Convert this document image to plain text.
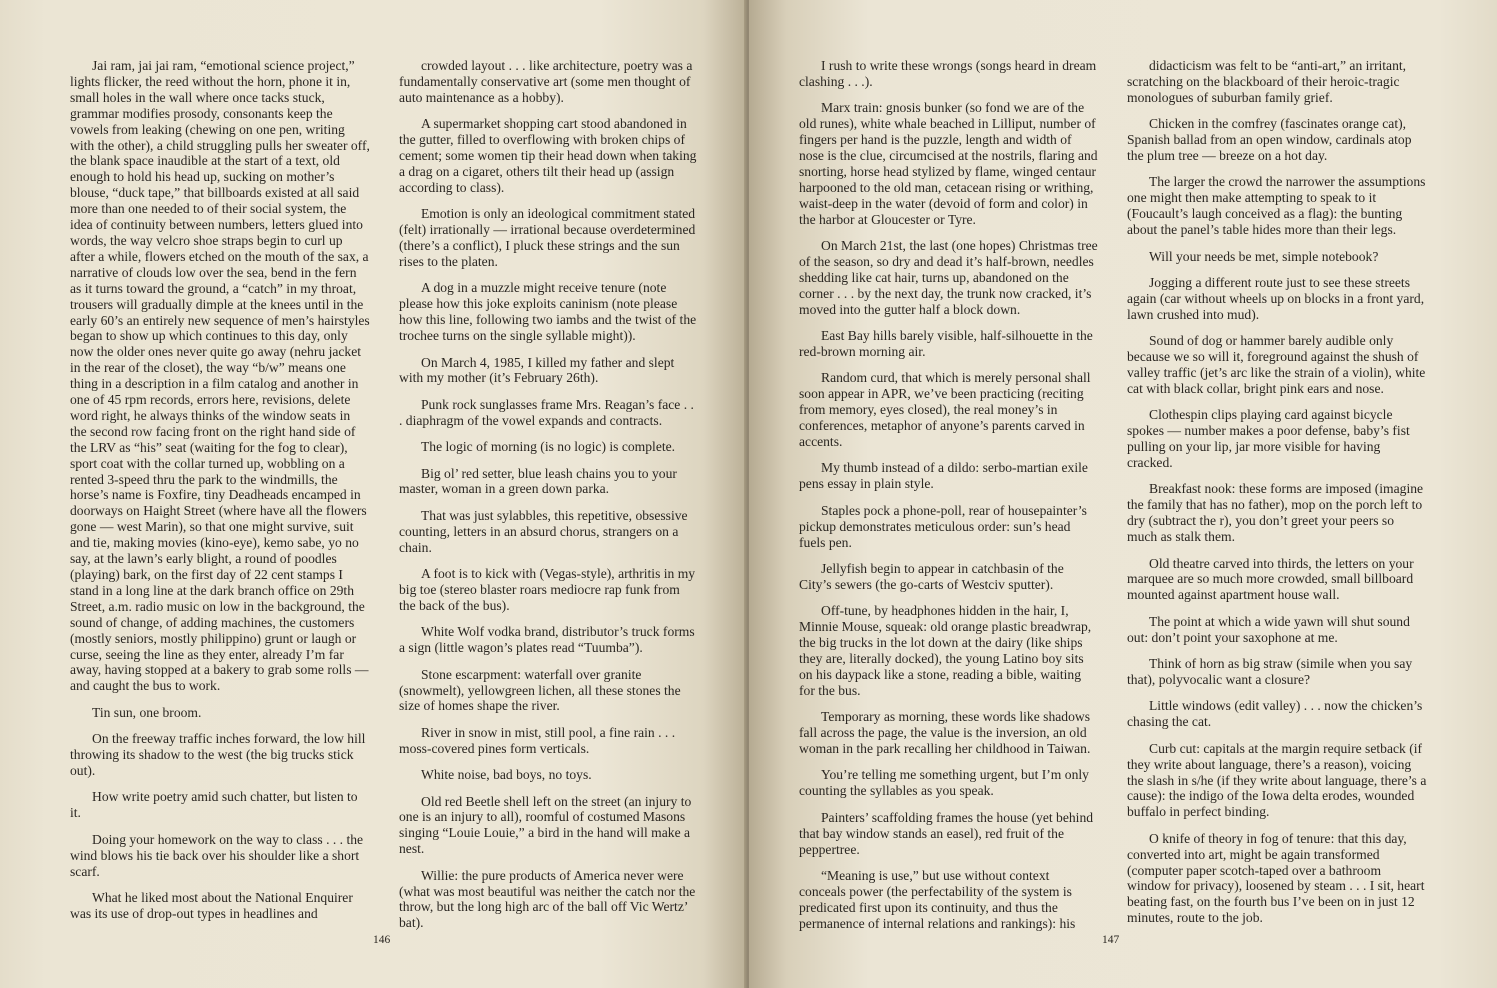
Jai ram, jai jai ram, “emotional science project,” lights flicker, the reed without the horn, phone it in, small holes in the wall where once tacks stuck, grammar modifies prosody, consonants keep the vowels from leaking (chewing on one pen, writing with the other), a child struggling pulls her sweater off, the blank space inaudible at the start of a text, old enough to hold his head up, sucking on mother’s blouse, “duck tape,” that billboards existed at all said more than one needed to of their social system, the idea of continuity between numbers, letters glued into words, the way velcro shoe straps begin to curl up after a while, flowers etched on the mouth of the sax, a narrative of clouds low over the sea, bend in the fern as it turns toward the ground, a “catch” in my throat, trousers will gradually dimple at the knees until in the early 60’s an entirely new sequence of men’s hairstyles began to show up which continues to this day, only now the older ones never quite go away (nehru jacket in the rear of the closet), the way “b/w” means one thing in a description in a film catalog and another in one of 45 rpm records, errors here, revisions, delete word right, he always thinks of the window seats in the second row facing front on the right hand side of the LRV as “his” seat (waiting for the fog to clear), sport coat with the collar turned up, wobbling on a rented 3-speed thru the park to the windmills, the horse’s name is Foxfire, tiny Deadheads encamped in doorways on Haight Street (where have all the flowers gone — west Marin), so that one might survive, suit and tie, making movies (kino-eye), kemo sabe, yo no say, at the lawn’s early blight, a round of poodles (playing) bark, on the first day of 22 cent stamps I stand in a long line at the dark branch office on 29th Street, a.m. radio music on low in the background, the sound of change, of adding machines, the customers (mostly seniors, mostly philippino) grunt or laugh or curse, seeing the line as they enter, already I’m far away, having stopped at a bakery to grab some rolls — and caught the bus to work.

Tin sun, one broom.

On the freeway traffic inches forward, the low hill throwing its shadow to the west (the big trucks stick out).

How write poetry amid such chatter, but listen to it.

Doing your homework on the way to class . . . the wind blows his tie back over his shoulder like a short scarf.

What he liked most about the National Enquirer was its use of drop-out types in headlines and

crowded layout . . . like architecture, poetry was a fundamentally conservative art (some men thought of auto maintenance as a hobby).

A supermarket shopping cart stood abandoned in the gutter, filled to overflowing with broken chips of cement; some women tip their head down when taking a drag on a cigaret, others tilt their head up (assign according to class).

Emotion is only an ideological commitment stated (felt) irrationally — irrational because overdetermined (there’s a conflict), I pluck these strings and the sun rises to the platen.

A dog in a muzzle might receive tenure (note please how this joke exploits caninism (note please how this line, following two iambs and the twist of the trochee turns on the single syllable might)).

On March 4, 1985, I killed my father and slept with my mother (it’s February 26th).

Punk rock sunglasses frame Mrs. Reagan’s face . . . diaphragm of the vowel expands and contracts.

The logic of morning (is no logic) is complete.

Big ol’ red setter, blue leash chains you to your master, woman in a green down parka.

That was just sylabbles, this repetitive, obsessive counting, letters in an absurd chorus, strangers on a chain.

A foot is to kick with (Vegas-style), arthritis in my big toe (stereo blaster roars mediocre rap funk from the back of the bus).

White Wolf vodka brand, distributor’s truck forms a sign (little wagon’s plates read “Tuumba”).

Stone escarpment: waterfall over granite (snowmelt), yellowgreen lichen, all these stones the size of homes shape the river.

River in snow in mist, still pool, a fine rain . . . moss-covered pines form verticals.

White noise, bad boys, no toys.

Old red Beetle shell left on the street (an injury to one is an injury to all), roomful of costumed Masons singing “Louie Louie,” a bird in the hand will make a nest.

Willie: the pure products of America never were (what was most beautiful was neither the catch nor the throw, but the long high arc of the ball off Vic Wertz’ bat).

146

I rush to write these wrongs (songs heard in dream clashing . . .).

Marx train: gnosis bunker (so fond we are of the old runes), white whale beached in Lilliput, number of fingers per hand is the puzzle, length and width of nose is the clue, circumcised at the nostrils, flaring and snorting, horse head stylized by flame, winged centaur harpooned to the old man, cetacean rising or writhing, waist-deep in the water (devoid of form and color) in the harbor at Gloucester or Tyre.

On March 21st, the last (one hopes) Christmas tree of the season, so dry and dead it’s half-brown, needles shedding like cat hair, turns up, abandoned on the corner . . . by the next day, the trunk now cracked, it’s moved into the gutter half a block down.

East Bay hills barely visible, half-silhouette in the red-brown morning air.

Random curd, that which is merely personal shall soon appear in APR, we’ve been practicing (reciting from memory, eyes closed), the real money’s in conferences, metaphor of anyone’s parents carved in accents.

My thumb instead of a dildo: serbo-martian exile pens essay in plain style.

Staples pock a phone-poll, rear of housepainter’s pickup demonstrates meticulous order: sun’s head fuels pen.

Jellyfish begin to appear in catchbasin of the City’s sewers (the go-carts of Westciv sputter).

Off-tune, by headphones hidden in the hair, I, Minnie Mouse, squeak: old orange plastic breadwrap, the big trucks in the lot down at the dairy (like ships they are, literally docked), the young Latino boy sits on his daypack like a stone, reading a bible, waiting for the bus.

Temporary as morning, these words like shadows fall across the page, the value is the inversion, an old woman in the park recalling her childhood in Taiwan.

You’re telling me something urgent, but I’m only counting the syllables as you speak.

Painters’ scaffolding frames the house (yet behind that bay window stands an easel), red fruit of the peppertree.

“Meaning is use,” but use without context conceals power (the perfectability of the system is predicated first upon its continuity, and thus the permanence of internal relations and rankings): his

didacticism was felt to be “anti-art,” an irritant, scratching on the blackboard of their heroic-tragic monologues of suburban family grief.

Chicken in the comfrey (fascinates orange cat), Spanish ballad from an open window, cardinals atop the plum tree — breeze on a hot day.

The larger the crowd the narrower the assumptions one might then make attempting to speak to it (Foucault’s laugh conceived as a flag): the bunting about the panel’s table hides more than their legs.

Will your needs be met, simple notebook?

Jogging a different route just to see these streets again (car without wheels up on blocks in a front yard, lawn crushed into mud).

Sound of dog or hammer barely audible only because we so will it, foreground against the shush of valley traffic (jet’s arc like the strain of a violin), white cat with black collar, bright pink ears and nose.

Clothespin clips playing card against bicycle spokes — number makes a poor defense, baby’s fist pulling on your lip, jar more visible for having cracked.

Breakfast nook: these forms are imposed (imagine the family that has no father), mop on the porch left to dry (subtract the r), you don’t greet your peers so much as stalk them.

Old theatre carved into thirds, the letters on your marquee are so much more crowded, small billboard mounted against apartment house wall.

The point at which a wide yawn will shut sound out: don’t point your saxophone at me.

Think of horn as big straw (simile when you say that), polyvocalic want a closure?

Little windows (edit valley) . . . now the chicken’s chasing the cat.

Curb cut: capitals at the margin require setback (if they write about language, there’s a reason), voicing the slash in s/he (if they write about language, there’s a cause): the indigo of the Iowa delta erodes, wounded buffalo in perfect binding.

O knife of theory in fog of tenure: that this day, converted into art, might be again transformed (computer paper scotch-taped over a bathroom window for privacy), loosened by steam . . . I sit, heart beating fast, on the fourth bus I’ve been on in just 12 minutes, route to the job.

147
